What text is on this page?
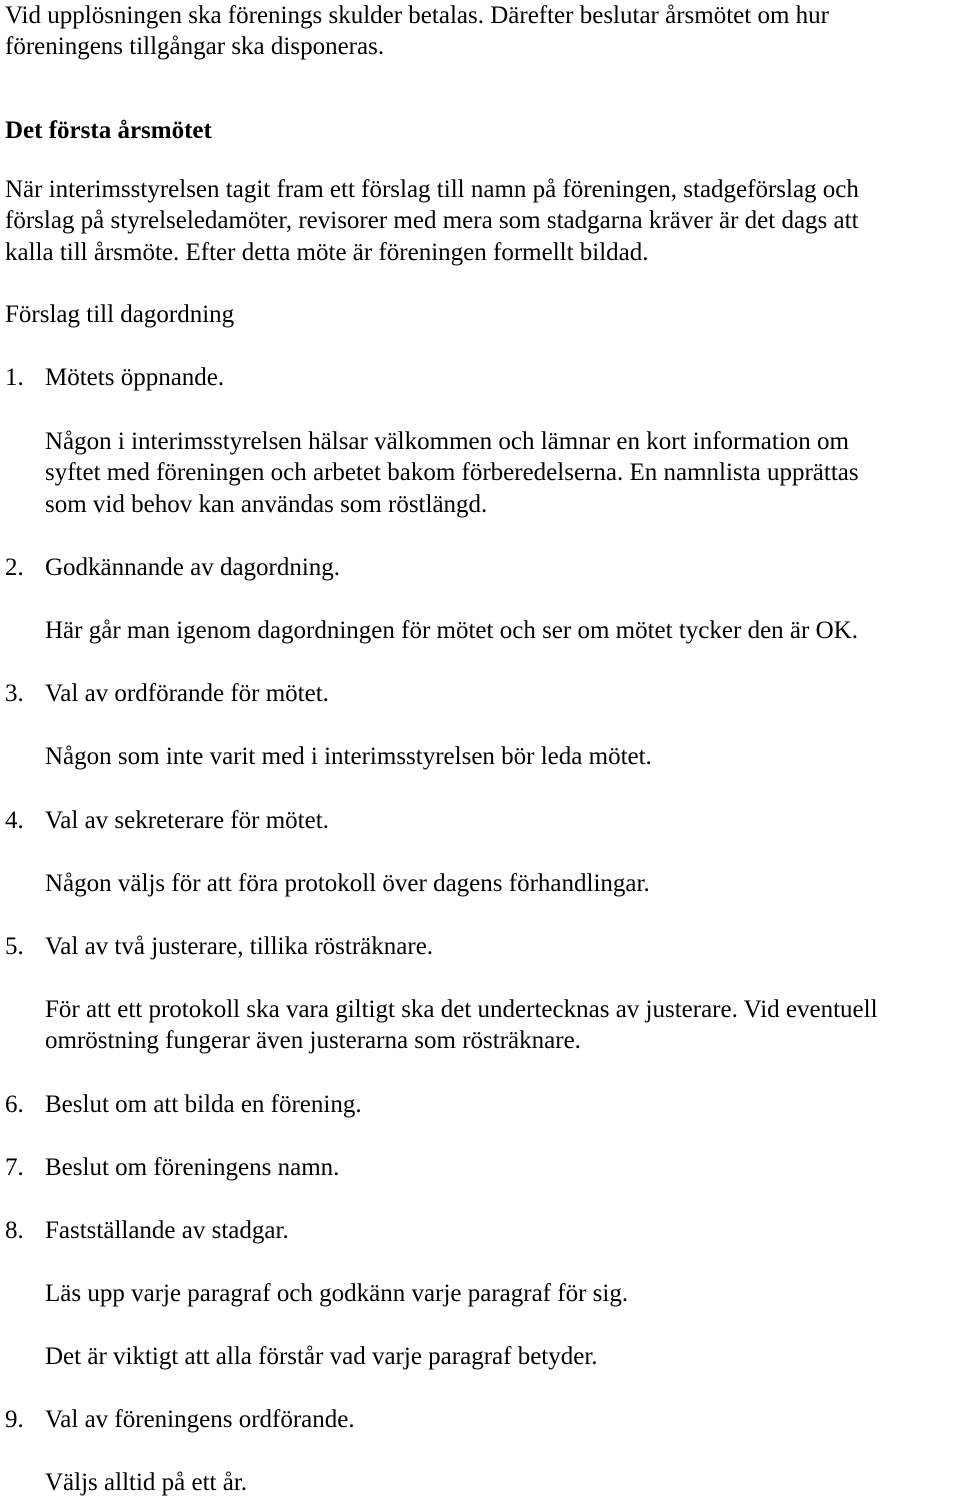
Vid upplösningen ska förenings skulder betalas. Därefter beslutar årsmötet om hur
föreningens tillgångar ska disponeras.
Det första årsmötet
När interimsstyrelsen tagit fram ett förslag till namn på föreningen, stadgeförslag och
förslag på styrelseledamöter, revisorer med mera som stadgarna kräver är det dags att
kalla till årsmöte. Efter detta möte är föreningen formellt bildad.
Förslag till dagordning
1. Mötets öppnande.
Någon i interimsstyrelsen hälsar välkommen och lämnar en kort information om
syftet med föreningen och arbetet bakom förberedelserna. En namnlista upprättas
som vid behov kan användas som röstlängd.
2. Godkännande av dagordning.
Här går man igenom dagordningen för mötet och ser om mötet tycker den är OK.
3. Val av ordförande för mötet.
Någon som inte varit med i interimsstyrelsen bör leda mötet.
4. Val av sekreterare för mötet.
Någon väljs för att föra protokoll över dagens förhandlingar.
5. Val av två justerare, tillika rösträknare.
För att ett protokoll ska vara giltigt ska det undertecknas av justerare. Vid eventuell
omröstning fungerar även justerarna som rösträknare.
6. Beslut om att bilda en förening.
7. Beslut om föreningens namn.
8. Fastställande av stadgar.
Läs upp varje paragraf och godkänn varje paragraf för sig.
Det är viktigt att alla förstår vad varje paragraf betyder.
9. Val av föreningens ordförande.
Väljs alltid på ett år.
